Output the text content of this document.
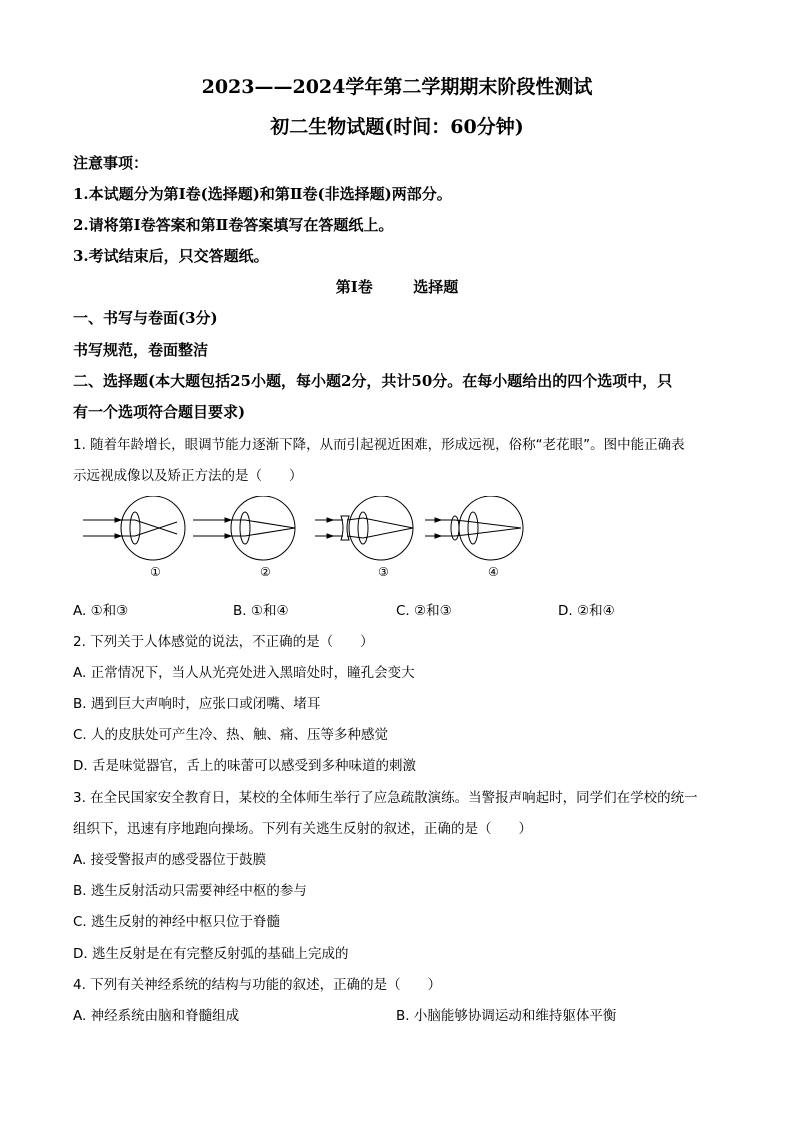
2023——2024学年第二学期期末阶段性测试
初二生物试题(时间：60分钟)
注意事项：
1.本试题分为第Ⅰ卷(选择题)和第Ⅱ卷(非选择题)两部分。
2.请将第Ⅰ卷答案和第Ⅱ卷答案填写在答题纸上。
3.考试结束后，只交答题纸。
第Ⅰ卷	选择题
一、书写与卷面(3分)
书写规范，卷面整洁
二、选择题(本大题包括25小题，每小题2分，共计50分。在每小题给出的四个选项中，只
有一个选项符合题目要求)
1. 随着年龄增长，眼调节能力逐渐下降，从而引起视近困难，形成远视，俗称“老花眼”。图中能正确表
示远视成像以及矫正方法的是（　　）
①	②	③	④
A. ①和③	B. ①和④	C. ②和③	D. ②和④
2. 下列关于人体感觉的说法，不正确的是（　　）
A. 正常情况下，当人从光亮处进入黑暗处时，瞳孔会变大
B. 遇到巨大声响时，应张口或闭嘴、堵耳
C. 人的皮肤处可产生冷、热、触、痛、压等多种感觉
D. 舌是味觉器官，舌上的味蕾可以感受到多种味道的刺激
3. 在全民国家安全教育日，某校的全体师生举行了应急疏散演练。当警报声响起时，同学们在学校的统一
组织下，迅速有序地跑向操场。下列有关逃生反射的叙述，正确的是（　　）
A. 接受警报声的感受器位于鼓膜
B. 逃生反射活动只需要神经中枢的参与
C. 逃生反射的神经中枢只位于脊髓
D. 逃生反射是在有完整反射弧的基础上完成的
4. 下列有关神经系统的结构与功能的叙述，正确的是（　　）
A. 神经系统由脑和脊髓组成	B. 小脑能够协调运动和维持躯体平衡
